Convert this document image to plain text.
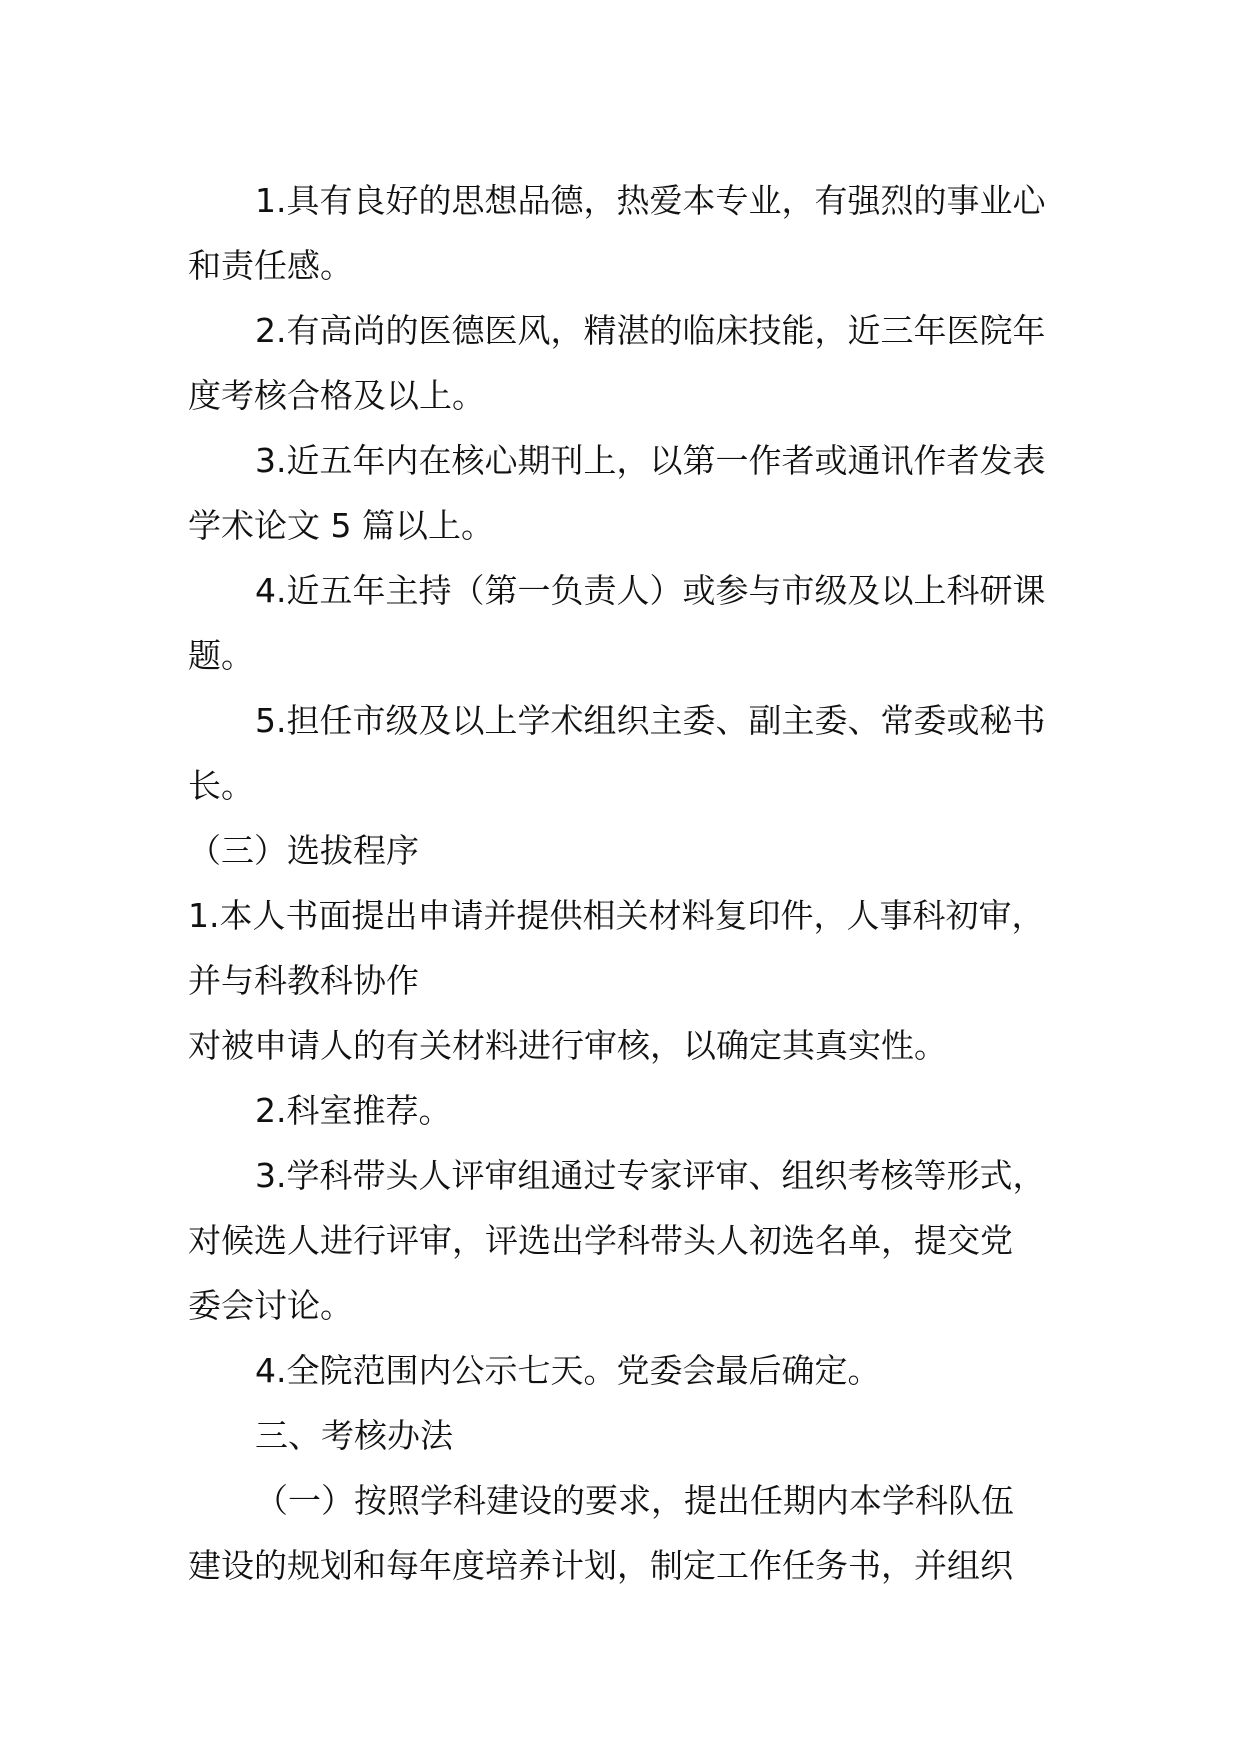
1.具有良好的思想品德，热爱本专业，有强烈的事业心
和责任感。
2.有高尚的医德医风，精湛的临床技能，近三年医院年
度考核合格及以上。
3.近五年内在核心期刊上，以第一作者或通讯作者发表
学术论文 5 篇以上。
4.近五年主持（第一负责人）或参与市级及以上科研课
题。
5.担任市级及以上学术组织主委、副主委、常委或秘书
长。
（三）选拔程序
1.本人书面提出申请并提供相关材料复印件，人事科初审，
并与科教科协作
对被申请人的有关材料进行审核，以确定其真实性。
2.科室推荐。
3.学科带头人评审组通过专家评审、组织考核等形式，
对候选人进行评审，评选出学科带头人初选名单，提交党
委会讨论。
4.全院范围内公示七天。党委会最后确定。
三、考核办法
（一）按照学科建设的要求，提出任期内本学科队伍
建设的规划和每年度培养计划，制定工作任务书，并组织
